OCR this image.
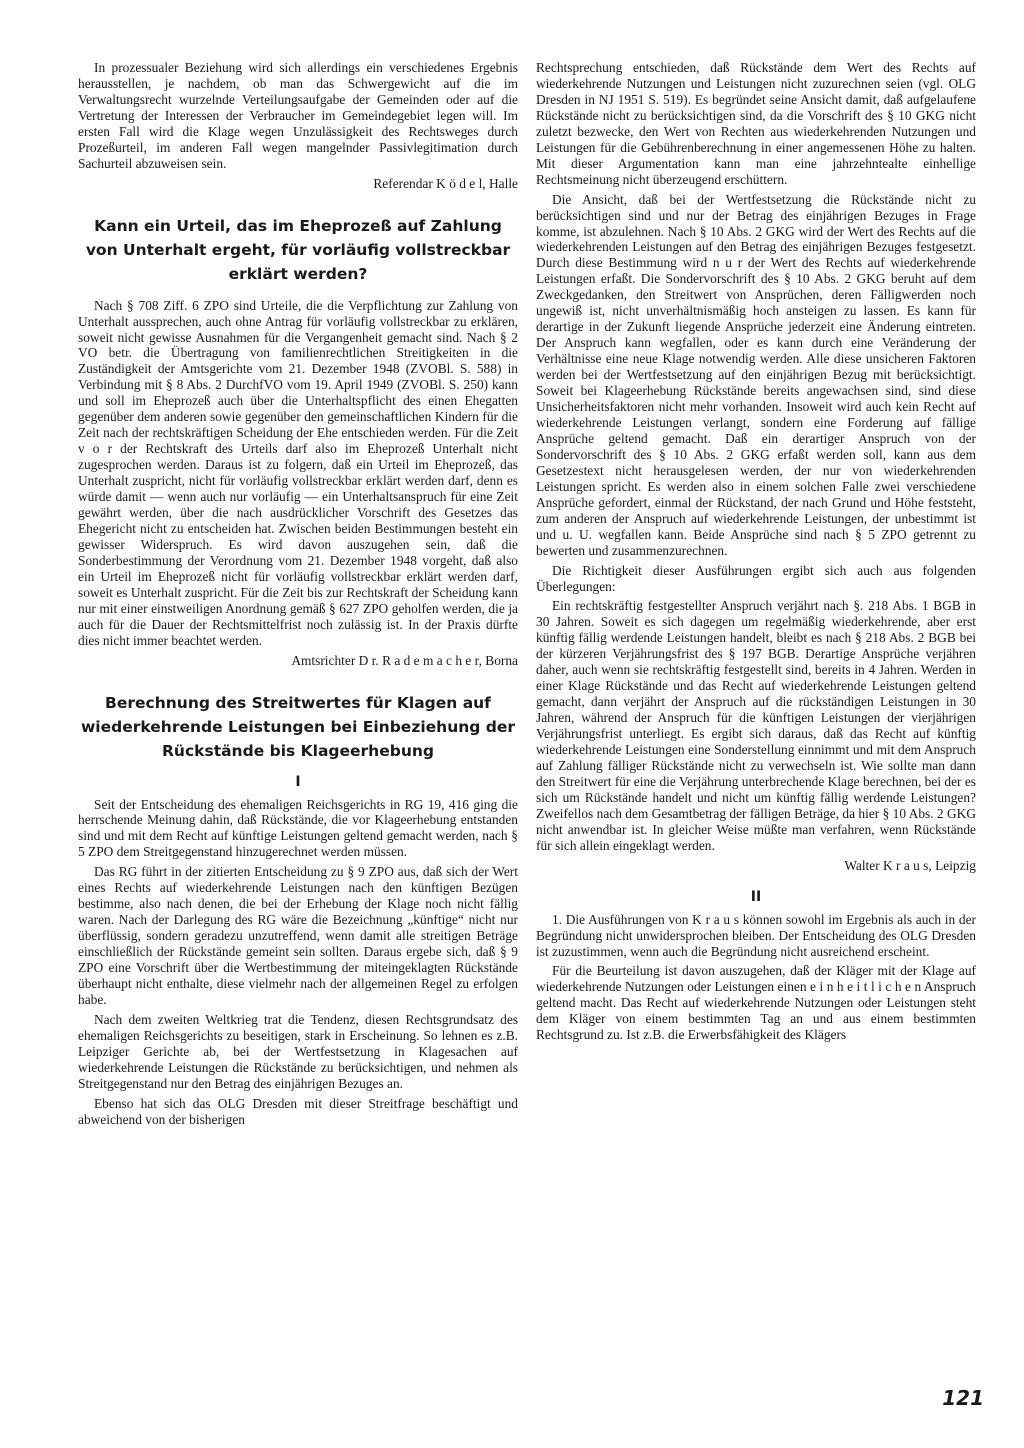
In prozessualer Beziehung wird sich allerdings ein verschiedenes Ergebnis herausstellen, je nachdem, ob man das Schwergewicht auf die im Verwaltungsrecht wurzelnde Verteilungsaufgabe der Gemeinden oder auf die Vertretung der Interessen der Verbraucher im Gemeindegebiet legen will. Im ersten Fall wird die Klage wegen Unzulässigkeit des Rechtsweges durch Prozeßurteil, im anderen Fall wegen mangelnder Passivlegitimation durch Sachurteil abzuweisen sein.

Referendar K ö d e l, Halle

Kann ein Urteil, das im Eheprozeß auf Zahlung von Unterhalt ergeht, für vorläufig vollstreckbar erklärt werden?

Nach § 708 Ziff. 6 ZPO sind Urteile, die die Verpflichtung zur Zahlung von Unterhalt aussprechen, auch ohne Antrag für vorläufig vollstreckbar zu erklären, soweit nicht gewisse Ausnahmen für die Vergangenheit gemacht sind. Nach § 2 VO betr. die Übertragung von familienrechtlichen Streitigkeiten in die Zuständigkeit der Amtsgerichte vom 21. Dezember 1948 (ZVOBl. S. 588) in Verbindung mit § 8 Abs. 2 DurchfVO vom 19. April 1949 (ZVOBl. S. 250) kann und soll im Eheprozeß auch über die Unterhaltspflicht des einen Ehegatten gegenüber dem anderen sowie gegenüber den gemeinschaftlichen Kindern für die Zeit nach der rechtskräftigen Scheidung der Ehe entschieden werden. Für die Zeit v o r der Rechtskraft des Urteils darf also im Eheprozeß Unterhalt nicht zugesprochen werden. Daraus ist zu folgern, daß ein Urteil im Eheprozeß, das Unterhalt zuspricht, nicht für vorläufig vollstreckbar erklärt werden darf, denn es würde damit — wenn auch nur vorläufig — ein Unterhaltsanspruch für eine Zeit gewährt werden, über die nach ausdrücklicher Vorschrift des Gesetzes das Ehegericht nicht zu entscheiden hat. Zwischen beiden Bestimmungen besteht ein gewisser Widerspruch. Es wird davon auszugehen sein, daß die Sonderbestimmung der Verordnung vom 21. Dezember 1948 vorgeht, daß also ein Urteil im Eheprozeß nicht für vorläufig vollstreckbar erklärt werden darf, soweit es Unterhalt zuspricht. Für die Zeit bis zur Rechtskraft der Scheidung kann nur mit einer einstweiligen Anordnung gemäß § 627 ZPO geholfen werden, die ja auch für die Dauer der Rechtsmittelfrist noch zulässig ist. In der Praxis dürfte dies nicht immer beachtet werden.

Amtsrichter D r. R a d e m a c h e r, Borna

Berechnung des Streitwertes für Klagen auf wiederkehrende Leistungen bei Einbeziehung der Rückstände bis Klageerhebung
I

Seit der Entscheidung des ehemaligen Reichsgerichts in RG 19, 416 ging die herrschende Meinung dahin, daß Rückstände, die vor Klageerhebung entstanden sind und mit dem Recht auf künftige Leistungen geltend gemacht werden, nach § 5 ZPO dem Streitgegenstand hinzugerechnet werden müssen.

Das RG führt in der zitierten Entscheidung zu § 9 ZPO aus, daß sich der Wert eines Rechts auf wiederkehrende Leistungen nach den künftigen Bezügen bestimme, also nach denen, die bei der Erhebung der Klage noch nicht fällig waren. Nach der Darlegung des RG wäre die Bezeichnung „künftige“ nicht nur überflüssig, sondern geradezu unzutreffend, wenn damit alle streitigen Beträge einschließlich der Rückstände gemeint sein sollten. Daraus ergebe sich, daß § 9 ZPO eine Vorschrift über die Wertbestimmung der miteingeklagten Rückstände überhaupt nicht enthalte, diese vielmehr nach der allgemeinen Regel zu erfolgen habe.

Nach dem zweiten Weltkrieg trat die Tendenz, diesen Rechtsgrundsatz des ehemaligen Reichsgerichts zu beseitigen, stark in Erscheinung. So lehnen es z.B. Leipziger Gerichte ab, bei der Wertfestsetzung in Klagesachen auf wiederkehrende Leistungen die Rückstände zu berücksichtigen, und nehmen als Streitgegenstand nur den Betrag des einjährigen Bezuges an.

Ebenso hat sich das OLG Dresden mit dieser Streitfrage beschäftigt und abweichend von der bisherigen

Rechtsprechung entschieden, daß Rückstände dem Wert des Rechts auf wiederkehrende Nutzungen und Leistungen nicht zuzurechnen seien (vgl. OLG Dresden in NJ 1951 S. 519). Es begründet seine Ansicht damit, daß aufgelaufene Rückstände nicht zu berücksichtigen sind, da die Vorschrift des § 10 GKG nicht zuletzt bezwecke, den Wert von Rechten aus wiederkehrenden Nutzungen und Leistungen für die Gebührenberechnung in einer angemessenen Höhe zu halten. Mit dieser Argumentation kann man eine jahrzehntealte einhellige Rechtsmeinung nicht überzeugend erschüttern.

Die Ansicht, daß bei der Wertfestsetzung die Rückstände nicht zu berücksichtigen sind und nur der Betrag des einjährigen Bezuges in Frage komme, ist abzulehnen. Nach § 10 Abs. 2 GKG wird der Wert des Rechts auf die wiederkehrenden Leistungen auf den Betrag des einjährigen Bezuges festgesetzt. Durch diese Bestimmung wird n u r der Wert des Rechts auf wiederkehrende Leistungen erfaßt. Die Sondervorschrift des § 10 Abs. 2 GKG beruht auf dem Zweckgedanken, den Streitwert von Ansprüchen, deren Fälligwerden noch ungewiß ist, nicht unverhältnismäßig hoch ansteigen zu lassen. Es kann für derartige in der Zukunft liegende Ansprüche jederzeit eine Änderung eintreten. Der Anspruch kann wegfallen, oder es kann durch eine Veränderung der Verhältnisse eine neue Klage notwendig werden. Alle diese unsicheren Faktoren werden bei der Wertfestsetzung auf den einjährigen Bezug mit berücksichtigt. Soweit bei Klageerhebung Rückstände bereits angewachsen sind, sind diese Unsicherheitsfaktoren nicht mehr vorhanden. Insoweit wird auch kein Recht auf wiederkehrende Leistungen verlangt, sondern eine Forderung auf fällige Ansprüche geltend gemacht. Daß ein derartiger Anspruch von der Sondervorschrift des § 10 Abs. 2 GKG erfaßt werden soll, kann aus dem Gesetzestext nicht herausgelesen werden, der nur von wiederkehrenden Leistungen spricht. Es werden also in einem solchen Falle zwei verschiedene Ansprüche gefordert, einmal der Rückstand, der nach Grund und Höhe feststeht, zum anderen der Anspruch auf wiederkehrende Leistungen, der unbestimmt ist und u. U. wegfallen kann. Beide Ansprüche sind nach § 5 ZPO getrennt zu bewerten und zusammenzurechnen.

Die Richtigkeit dieser Ausführungen ergibt sich auch aus folgenden Überlegungen:

Ein rechtskräftig festgestellter Anspruch verjährt nach §. 218 Abs. 1 BGB in 30 Jahren. Soweit es sich dagegen um regelmäßig wiederkehrende, aber erst künftig fällig werdende Leistungen handelt, bleibt es nach § 218 Abs. 2 BGB bei der kürzeren Verjährungsfrist des § 197 BGB. Derartige Ansprüche verjähren daher, auch wenn sie rechtskräftig festgestellt sind, bereits in 4 Jahren. Werden in einer Klage Rückstände und das Recht auf wiederkehrende Leistungen geltend gemacht, dann verjährt der Anspruch auf die rückständigen Leistungen in 30 Jahren, während der Anspruch für die künftigen Leistungen der vierjährigen Verjährungsfrist unterliegt. Es ergibt sich daraus, daß das Recht auf künftig wiederkehrende Leistungen eine Sonderstellung einnimmt und mit dem Anspruch auf Zahlung fälliger Rückstände nicht zu verwechseln ist. Wie sollte man dann den Streitwert für eine die Verjährung unterbrechende Klage berechnen, bei der es sich um Rückstände handelt und nicht um künftig fällig werdende Leistungen? Zweifellos nach dem Gesamtbetrag der fälligen Beträge, da hier § 10 Abs. 2 GKG nicht anwendbar ist. In gleicher Weise müßte man verfahren, wenn Rückstände für sich allein eingeklagt werden.

Walter K r a u s, Leipzig

II

1. Die Ausführungen von K r a u s können sowohl im Ergebnis als auch in der Begründung nicht unwidersprochen bleiben. Der Entscheidung des OLG Dresden ist zuzustimmen, wenn auch die Begründung nicht ausreichend erscheint.

Für die Beurteilung ist davon auszugehen, daß der Kläger mit der Klage auf wiederkehrende Nutzungen oder Leistungen einen e i n h e i t l i c h e n Anspruch geltend macht. Das Recht auf wiederkehrende Nutzungen oder Leistungen steht dem Kläger von einem bestimmten Tag an und aus einem bestimmten Rechtsgrund zu. Ist z.B. die Erwerbsfähigkeit des Klägers

121
